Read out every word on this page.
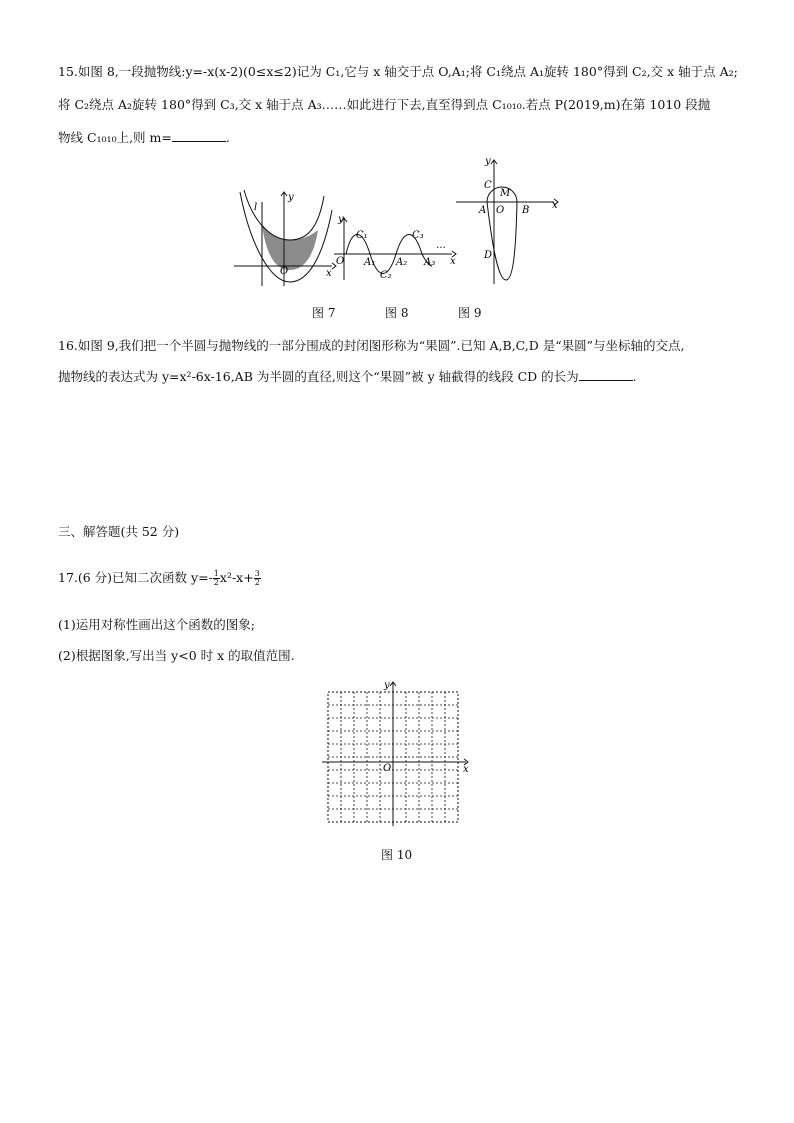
15.如图 8,一段抛物线:y=-x(x-2)(0≤x≤2)记为 C₁,它与 x 轴交于点 O,A₁;将 C₁绕点 A₁旋转 180°得到 C₂,交 x 轴于点 A₂;
将 C₂绕点 A₂旋转 180°得到 C₃,交 x 轴于点 A₃……如此进行下去,直至得到点 C₁₀₁₀.若点 P(2019,m)在第 1010 段抛
物线 C₁₀₁₀上,则 m=	.
y
x
O
l
y
x
O
C₁
C₂
C₃
A₁ A₂ A₃
…
y
x
C
M
A O B
D
图 7	图 8	图 9
16.如图 9,我们把一个半圆与抛物线的一部分围成的封闭图形称为“果圆”.已知 A,B,C,D 是“果圆”与坐标轴的交点,
抛物线的表达式为 y=x²-6x-16,AB 为半圆的直径,则这个“果圆”被 y 轴截得的线段 CD 的长为	.
三、解答题(共 52 分)
17.(6 分)已知二次函数 $y=- \frac{1}{2} x^2-x+ \frac{3}{2}$
(1)运用对称性画出这个函数的图象;
(2)根据图象,写出当 y<0 时 x 的取值范围.
y
x
O
图 10
